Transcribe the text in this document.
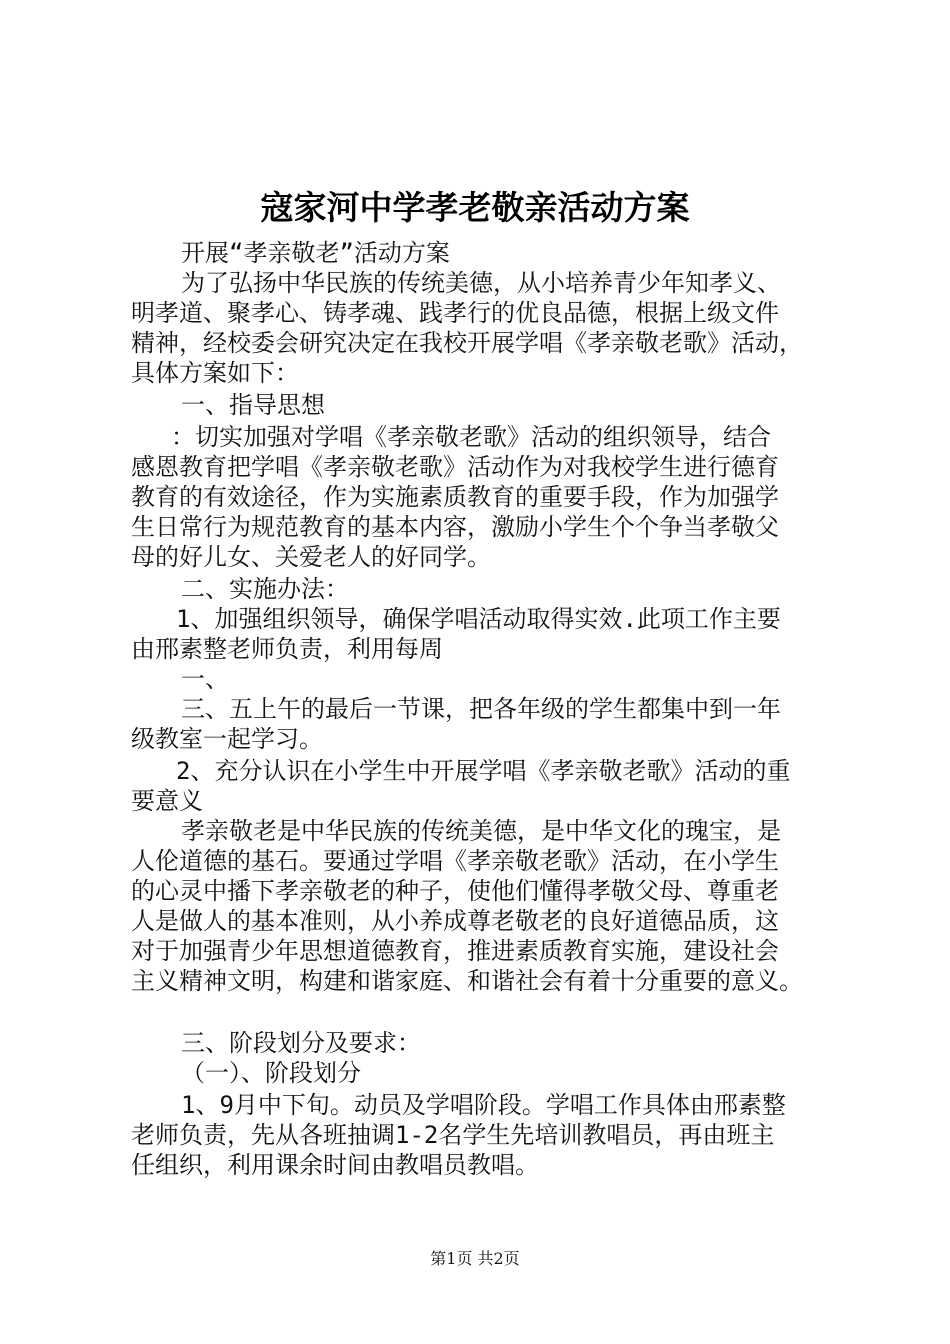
寇家河中学孝老敬亲活动方案
开展“孝亲敬老”活动方案
为了弘扬中华民族的传统美德，从小培养青少年知孝义、
明孝道、聚孝心、铸孝魂、践孝行的优良品德，根据上级文件
精神，经校委会研究决定在我校开展学唱《孝亲敬老歌》活动，
具体方案如下：
一、指导思想
：切实加强对学唱《孝亲敬老歌》活动的组织领导，结合
感恩教育把学唱《孝亲敬老歌》活动作为对我校学生进行德育
教育的有效途径，作为实施素质教育的重要手段，作为加强学
生日常行为规范教育的基本内容，激励小学生个个争当孝敬父
母的好儿女、关爱老人的好同学。
二、实施办法：
1、加强组织领导，确保学唱活动取得实效.此项工作主要
由邢素整老师负责，利用每周
一、
三、五上午的最后一节课，把各年级的学生都集中到一年
级教室一起学习。
2、充分认识在小学生中开展学唱《孝亲敬老歌》活动的重
要意义
孝亲敬老是中华民族的传统美德，是中华文化的瑰宝，是
人伦道德的基石。要通过学唱《孝亲敬老歌》活动，在小学生
的心灵中播下孝亲敬老的种子，使他们懂得孝敬父母、尊重老
人是做人的基本准则，从小养成尊老敬老的良好道德品质，这
对于加强青少年思想道德教育，推进素质教育实施，建设社会
主义精神文明，构建和谐家庭、和谐社会有着十分重要的意义。
三、阶段划分及要求：
（一）、阶段划分
1、9月中下旬。动员及学唱阶段。学唱工作具体由邢素整
老师负责，先从各班抽调1-2名学生先培训教唱员，再由班主
任组织，利用课余时间由教唱员教唱。
第1页 共2页
